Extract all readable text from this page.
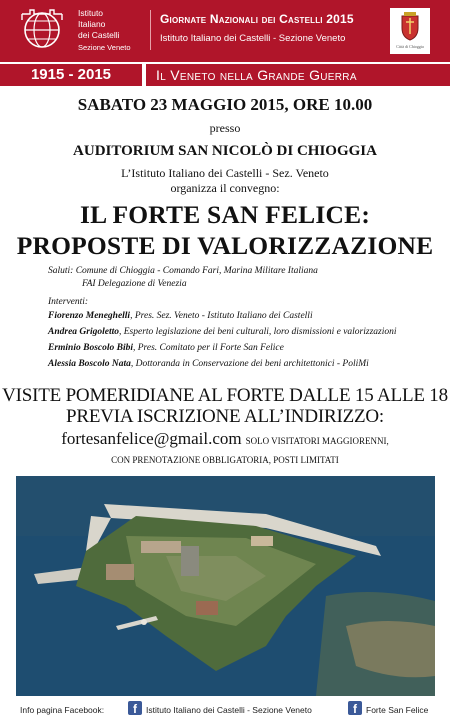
Istituto
Italiano
dei Castelli
Sezione Veneto
Giornate Nazionali dei Castelli 2015
Istituto Italiano dei Castelli - Sezione Veneto
Città di Chioggia
1915 - 2015	Il Veneto nella Grande Guerra
SABATO 23 MAGGIO 2015, ORE 10.00
presso
AUDITORIUM SAN NICOLÒ DI CHIOGGIA
L’Istituto Italiano dei Castelli - Sez. Veneto
organizza il convegno:
IL FORTE SAN FELICE:
PROPOSTE DI VALORIZZAZIONE
Saluti: Comune di Chioggia - Comando Fari, Marina Militare Italiana
FAI Delegazione di Venezia
Interventi:
Fiorenzo Meneghelli, Pres. Sez. Veneto - Istituto Italiano dei Castelli
Andrea Grigoletto, Esperto legislazione dei beni culturali, loro dismissioni e valorizzazioni
Erminio Boscolo Bibi, Pres. Comitato per il Forte San Felice
Alessia Boscolo Nata, Dottoranda in Conservazione dei beni architettonici - PoliMi
VISITE POMERIDIANE AL FORTE DALLE 15 ALLE 18
PREVIA ISCRIZIONE ALL’INDIRIZZO:
fortesanfelice@gmail.com SOLO VISITATORI MAGGIORENNI,
CON PRENOTAZIONE OBBLIGATORIA, POSTI LIMITATI
Info pagina Facebook:	f	Istituto Italiano dei Castelli - Sezione Veneto	f	Forte San Felice
